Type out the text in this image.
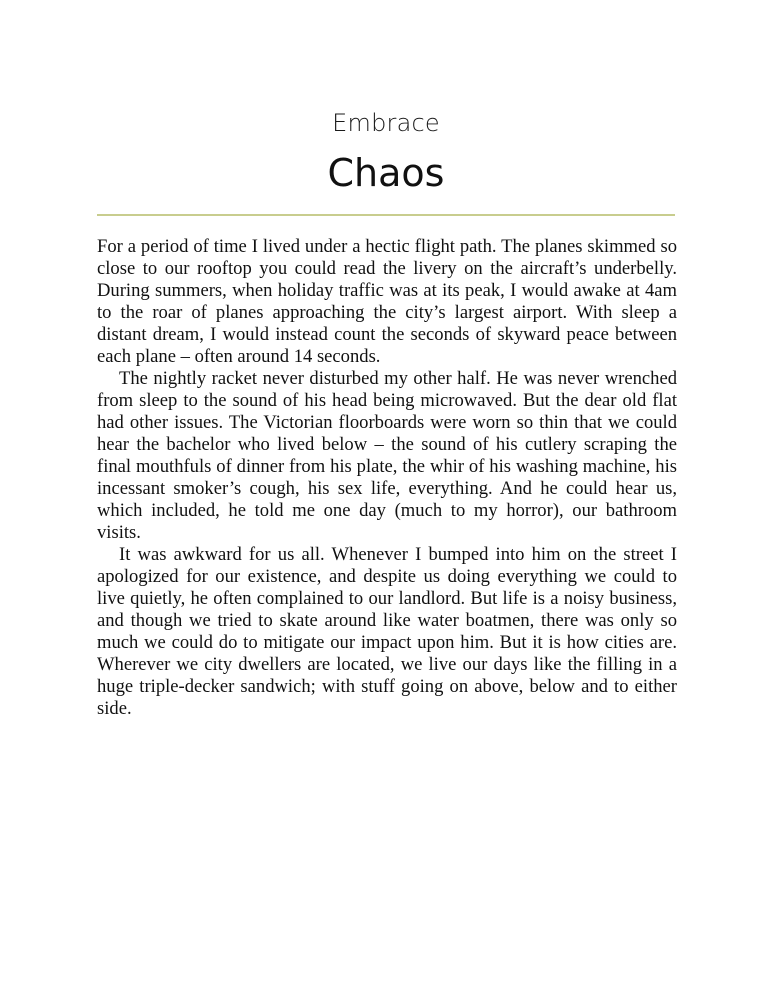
Embrace
Chaos

For a period of time I lived under a hectic flight path. The planes skimmed so close to our rooftop you could read the livery on the aircraft’s underbelly. During summers, when holiday traffic was at its peak, I would awake at 4am to the roar of planes approaching the city’s largest airport. With sleep a distant dream, I would instead count the seconds of skyward peace between each plane – often around 14 seconds.

The nightly racket never disturbed my other half. He was never wrenched from sleep to the sound of his head being microwaved. But the dear old flat had other issues. The Victorian floorboards were worn so thin that we could hear the bachelor who lived below – the sound of his cutlery scraping the final mouthfuls of dinner from his plate, the whir of his washing machine, his incessant smoker’s cough, his sex life, everything. And he could hear us, which included, he told me one day (much to my horror), our bathroom visits.

It was awkward for us all. Whenever I bumped into him on the street I apologized for our existence, and despite us doing everything we could to live quietly, he often complained to our landlord. But life is a noisy business, and though we tried to skate around like water boatmen, there was only so much we could do to mitigate our impact upon him. But it is how cities are. Wherever we city dwellers are located, we live our days like the filling in a huge triple-decker sandwich; with stuff going on above, below and to either side.
